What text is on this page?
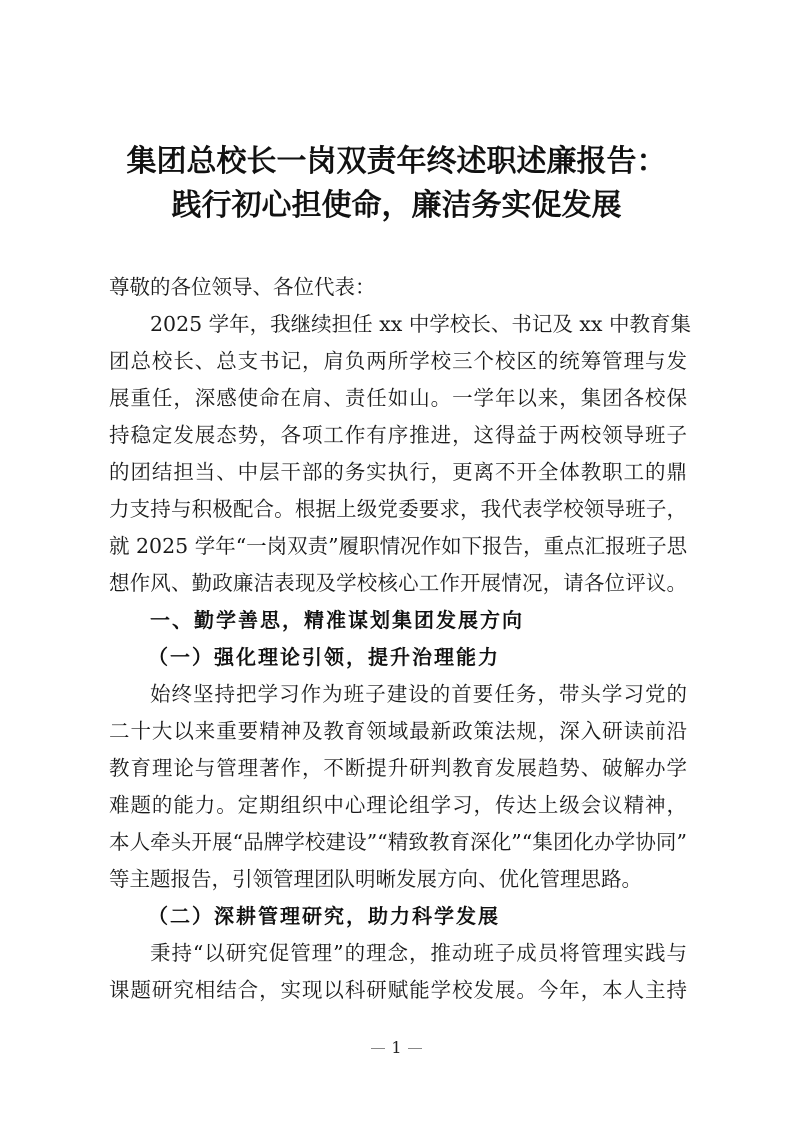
集团总校长一岗双责年终述职述廉报告：
践行初心担使命，廉洁务实促发展
尊敬的各位领导、各位代表：
2025 学年，我继续担任 xx 中学校长、书记及 xx 中教育集
团总校长、总支书记，肩负两所学校三个校区的统筹管理与发
展重任，深感使命在肩、责任如山。一学年以来，集团各校保
持稳定发展态势，各项工作有序推进，这得益于两校领导班子
的团结担当、中层干部的务实执行，更离不开全体教职工的鼎
力支持与积极配合。根据上级党委要求，我代表学校领导班子，
就 2025 学年“一岗双责”履职情况作如下报告，重点汇报班子思
想作风、勤政廉洁表现及学校核心工作开展情况，请各位评议。
一、勤学善思，精准谋划集团发展方向
（一）强化理论引领，提升治理能力
始终坚持把学习作为班子建设的首要任务，带头学习党的
二十大以来重要精神及教育领域最新政策法规，深入研读前沿
教育理论与管理著作，不断提升研判教育发展趋势、破解办学
难题的能力。定期组织中心理论组学习，传达上级会议精神，
本人牵头开展“品牌学校建设”“精致教育深化”“集团化办学协同”
等主题报告，引领管理团队明晰发展方向、优化管理思路。
（二）深耕管理研究，助力科学发展
秉持“以研究促管理”的理念，推动班子成员将管理实践与
课题研究相结合，实现以科研赋能学校发展。今年，本人主持
1
